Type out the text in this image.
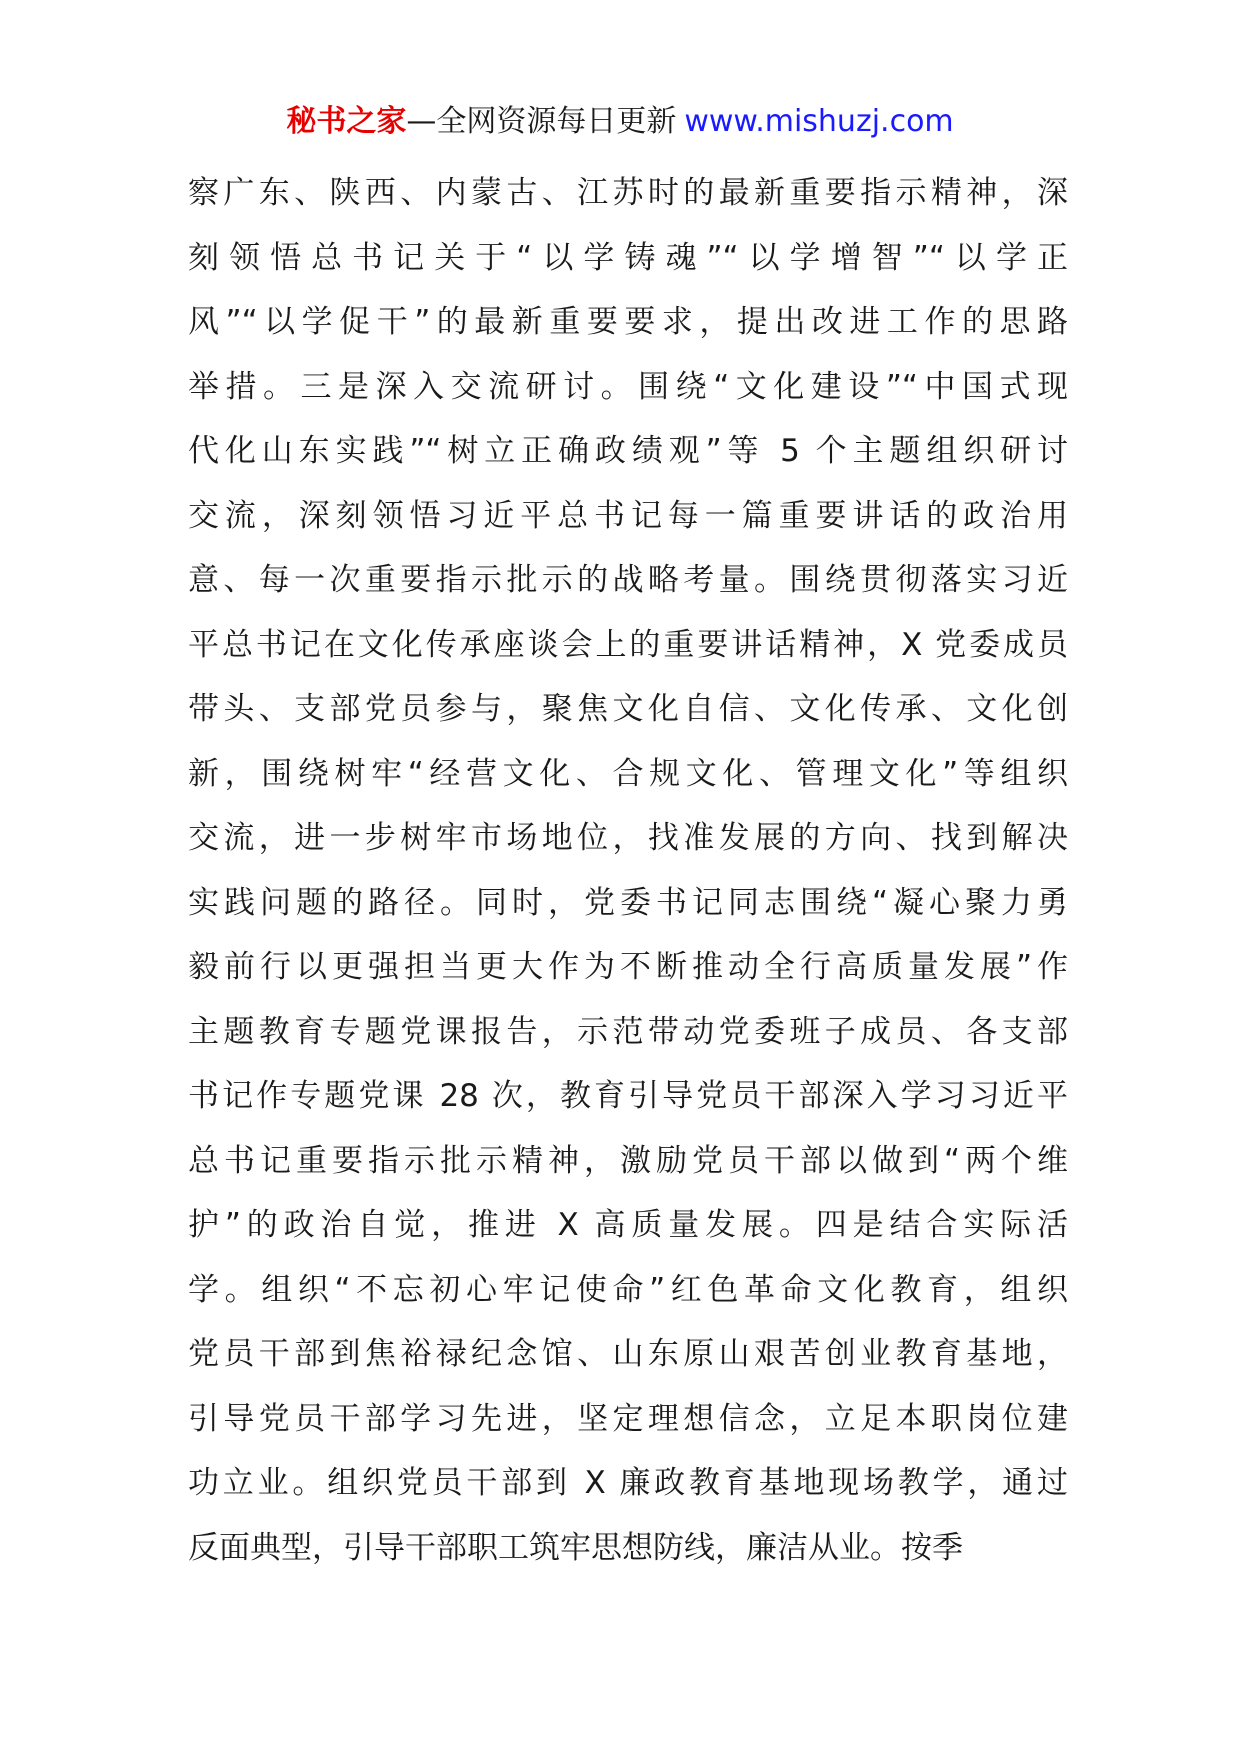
秘书之家—全网资源每日更新 www.mishuzj.com
察广东、陕西、内蒙古、江苏时的最新重要指示精神，深
刻领悟总书记关于“以学铸魂”“以学增智”“以学正
风”“以学促干”的最新重要要求，提出改进工作的思路
举措。三是深入交流研讨。围绕“文化建设”“中国式现
代化山东实践”“树立正确政绩观”等 5 个主题组织研讨
交流，深刻领悟习近平总书记每一篇重要讲话的政治用
意、每一次重要指示批示的战略考量。围绕贯彻落实习近
平总书记在文化传承座谈会上的重要讲话精神，X 党委成员
带头、支部党员参与，聚焦文化自信、文化传承、文化创
新，围绕树牢“经营文化、合规文化、管理文化”等组织
交流，进一步树牢市场地位，找准发展的方向、找到解决
实践问题的路径。同时，党委书记同志围绕“凝心聚力勇
毅前行以更强担当更大作为不断推动全行高质量发展”作
主题教育专题党课报告，示范带动党委班子成员、各支部
书记作专题党课 28 次，教育引导党员干部深入学习习近平
总书记重要指示批示精神，激励党员干部以做到“两个维
护”的政治自觉，推进 X 高质量发展。四是结合实际活
学。组织“不忘初心牢记使命”红色革命文化教育，组织
党员干部到焦裕禄纪念馆、山东原山艰苦创业教育基地，
引导党员干部学习先进，坚定理想信念，立足本职岗位建
功立业。组织党员干部到 X 廉政教育基地现场教学，通过
反面典型，引导干部职工筑牢思想防线，廉洁从业。按季
